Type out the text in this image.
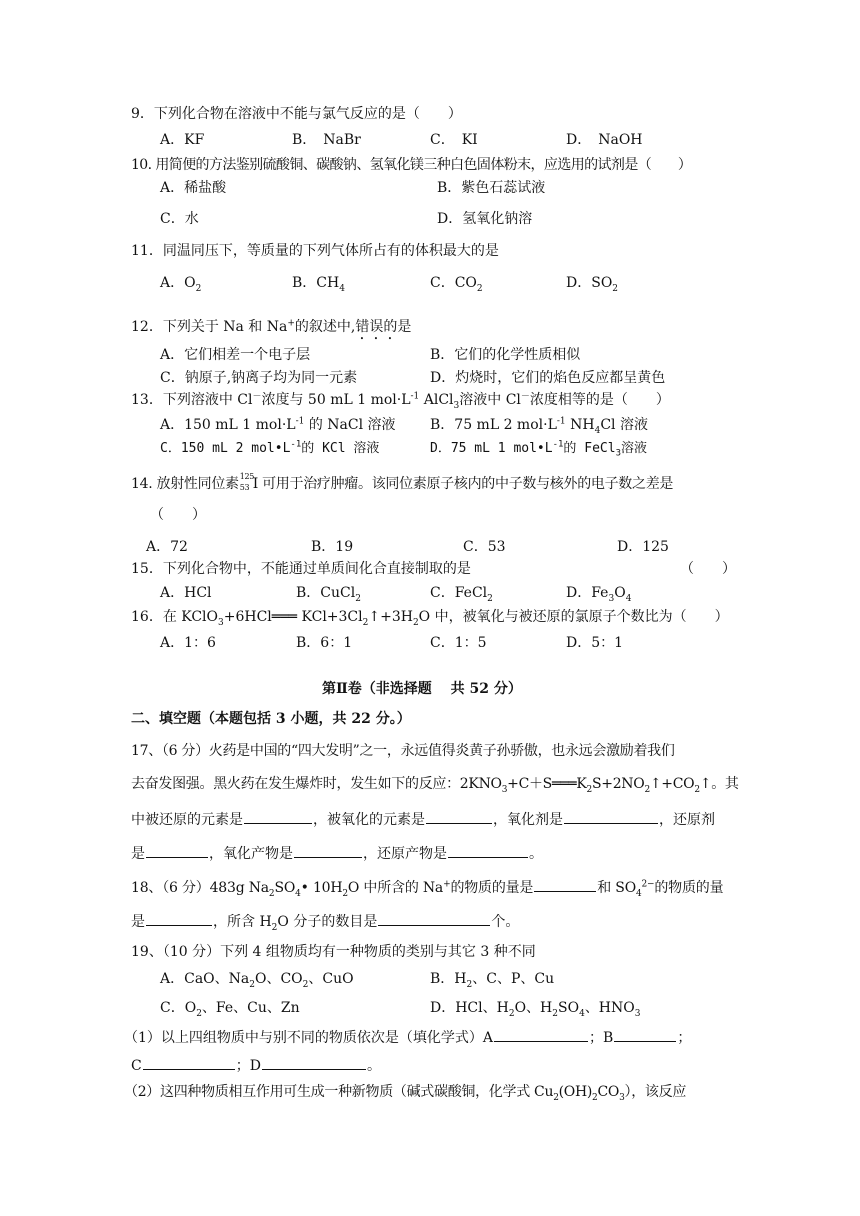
9．下列化合物在溶液中不能与氯气反应的是（　　）
A．KF	B．　NaBr	C．　KI	D．　NaOH
10. 用简便的方法鉴别硫酸铜、碳酸钠、氢氧化镁三种白色固体粉末，应选用的试剂是（　　）
A．稀盐酸	B．紫色石蕊试液
C．水	D．氢氧化钠溶
11．同温同压下，等质量的下列气体所占有的体积最大的是
A．$O_2$	B．$CH_4$	C．$CO_2$	D．$SO_2$
12．下列关于 Na 和 Na+的叙述中,错误的是
A．它们相差一个电子层	B．它们的化学性质相似
C．钠原子,钠离子均为同一元素	D．灼烧时，它们的焰色反应都呈黄色
13．下列溶液中 Cl－浓度与 50 mL 1 $mol\cdot L^{-1}$ AlCl$_3$溶液中 Cl－浓度相等的是（　　）
A．150 mL 1 $mol\cdot L^{-1}$ 的 NaCl 溶液 B．75 mL 2 $mol\cdot L^{-1}$ $NH_4Cl$ 溶液
C．150 mL 2 $mol•L^{-1}$的 KCl 溶液	D．75 mL 1 $mol•L^{-1}$的 FeCl$_3$溶液
14. 放射性同位素 125
53 I 可用于治疗肿瘤。该同位素原子核内的中子数与核外的电子数之差是
（　　）
A．72	B．19	C．53	D．125
15．下列化合物中，不能通过单质间化合直接制取的是	（　　）
A．HCl	B．CuCl$_2$	C．FeCl$_2$	D．$Fe_3O_4$
16．在 KClO$_3$+6HCl═══ $KCl+3Cl_2↑+3H_2O$ 中，被氧化与被还原的氯原子个数比为（　　）
A．1：6	B．6：1	C．1：5	D．5：1
第Ⅱ卷（非选择题　 共 52 分）
二、填空题（本题包括 3 小题，共 22 分。）
17、（6 分）火药是中国的“四大发明”之一，永远值得炎黄子孙骄傲，也永远会激励着我们
去奋发图强。黑火药在发生爆炸时，发生如下的反应：$2KNO_3+C+S═══K_2S+2NO_2↑+CO_2↑$。其
中被还原的元素是	，被氧化的元素是	，氧化剂是	，还原剂
是	，氧化产物是	，还原产物是	。
18、（6 分）483g $Na_2SO_4•$ $10H_2O$ 中所含的 Na+的物质的量是	和 $SO_4^{2-}$的物质的量
是	，所含 $H_2O$ 分子的数目是	个。
19、（10 分）下列 4 组物质均有一种物质的类别与其它 3 种不同
A．CaO、$Na_2O$、$CO_2$、CuO	B．$H_2$、C、P、Cu
C．$O_2$、Fe、Cu、Zn	D．HCl、$H_2O$、$H_2SO_4$、$HNO_3$
（1）以上四组物质中与别不同的物质依次是（填化学式）A	；B	；
C	；D	。
（2）这四种物质相互作用可生成一种新物质（碱式碳酸铜，化学式 $Cu_2(OH)_2CO_3$），该反应
